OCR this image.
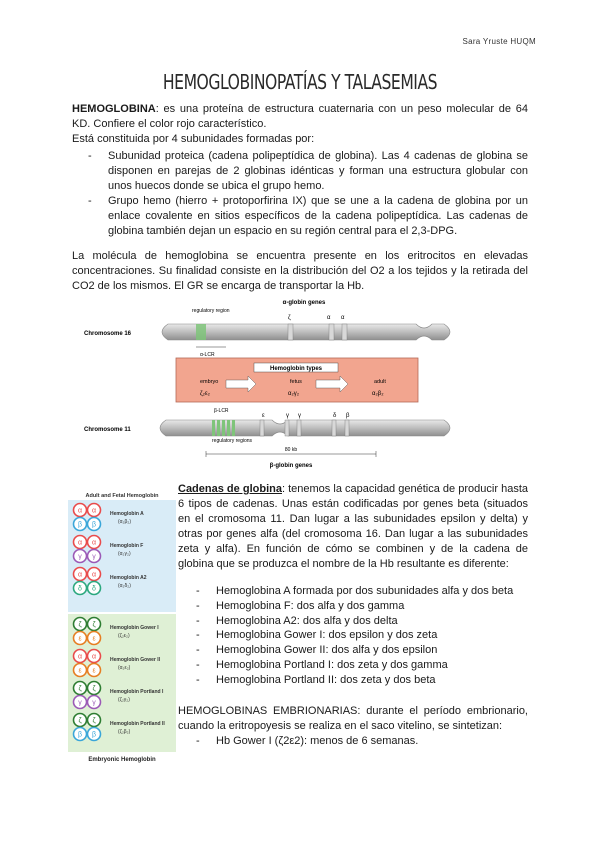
Sara Yruste HUQM
HEMOGLOBINOPATÍAS Y TALASEMIAS
HEMOGLOBINA: es una proteína de estructura cuaternaria con un peso molecular de 64 KD. Confiere el color rojo característico.
Está constituida por 4 subunidades formadas por:
- Subunidad proteica (cadena polipeptídica de globina). Las 4 cadenas de globina se disponen en parejas de 2 globinas idénticas y forman una estructura globular con unos huecos donde se ubica el grupo hemo.
- Grupo hemo (hierro + protoporfirina IX) que se une a la cadena de globina por un enlace covalente en sitios específicos de la cadena polipeptídica. Las cadenas de globina también dejan un espacio en su región central para el 2,3-DPG.
La molécula de hemoglobina se encuentra presente en los eritrocitos en elevadas concentraciones. Su finalidad consiste en la distribución del O2 a los tejidos y la retirada del CO2 de los mismos. El GR se encarga de transportar la Hb.
α-globin genes
Chromosome 16
regulatory region
ζ	α α
α-LCR
Hemoglobin types
embryo	fetus	adult
ζ₂ε₂	α₂γ₂	α₂β₂
Chromosome 11
β-LCR
ε	γ γ	δ β
regulatory regions
80 kb
β-globin genes
Adult and Fetal Hemoglobin
Embryonic Hemoglobin
α α
β β
Hemoglobin A
(α₂β₂)
α α
γ γ
Hemoglobin F
(α₂γ₂)
α α
δ δ
Hemoglobin A2
(α₂δ₂)
ζ ζ
ε ε
Hemoglobin Gower I
(ζ₂ε₂)
α α
ε ε
Hemoglobin Gower II
(α₂ε₂)
ζ ζ
γ γ
Hemoglobin Portland I
(ζ₂γ₂)
ζ ζ
β β
Hemoglobin Portland II
(ζ₂β₂)
Cadenas de globina: tenemos la capacidad genética de producir hasta 6 tipos de cadenas. Unas están codificadas por genes beta (situados en el cromosoma 11. Dan lugar a las subunidades epsilon y delta) y otras por genes alfa (del cromosoma 16. Dan lugar a las subunidades zeta y alfa). En función de cómo se combinen y de la cadena de globina que se produzca el nombre de la Hb resultante es diferente:
- Hemoglobina A formada por dos subunidades alfa y dos beta
- Hemoglobina F: dos alfa y dos gamma
- Hemoglobina A2: dos alfa y dos delta
- Hemoglobina Gower I: dos epsilon y dos zeta
- Hemoglobina Gower II: dos alfa y dos epsilon
- Hemoglobina Portland I: dos zeta y dos gamma
- Hemoglobina Portland II: dos zeta y dos beta
HEMOGLOBINAS EMBRIONARIAS: durante el período embrionario, cuando la eritropoyesis se realiza en el saco vitelino, se sintetizan:
- Hb Gower I (ζ2ε2): menos de 6 semanas.
